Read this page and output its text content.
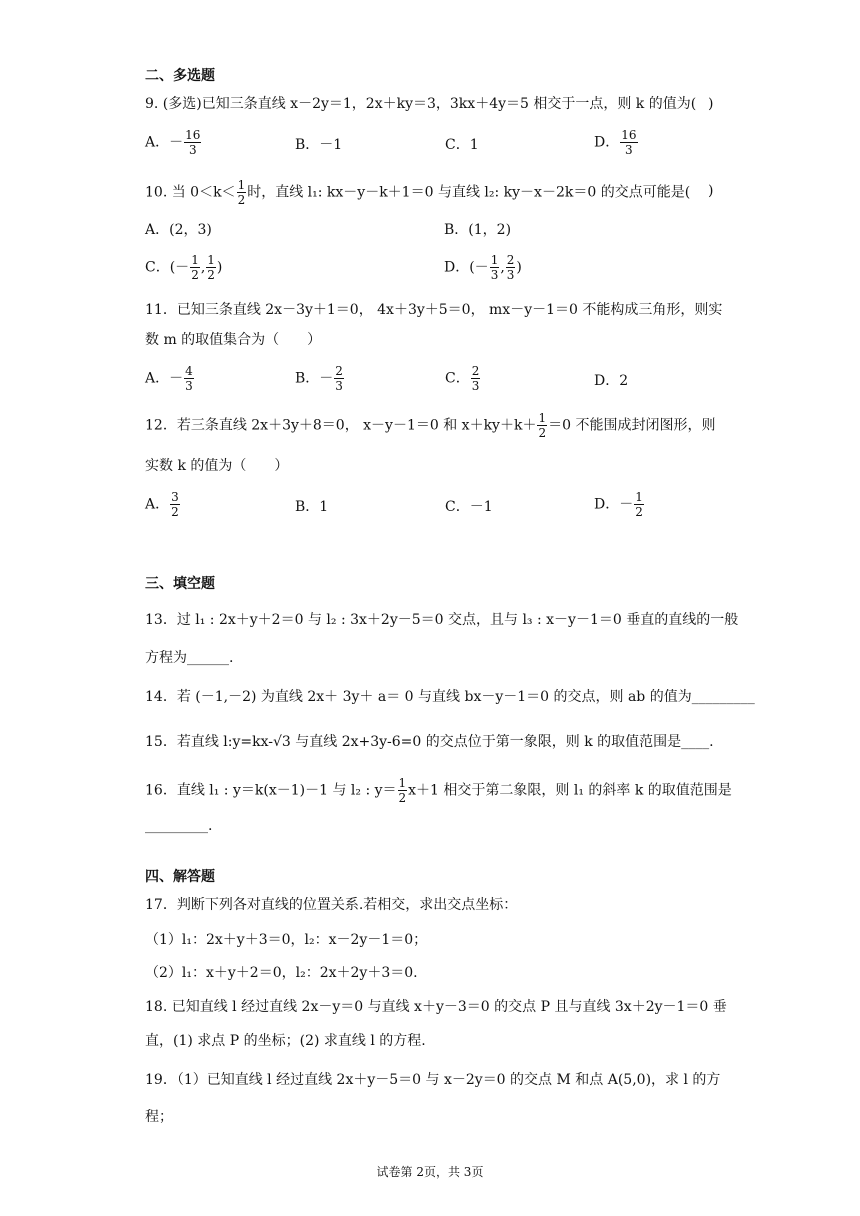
二、多选题
9. (多选)已知三条直线 x－2y＝1，2x＋ky＝3，3kx＋4y＝5 相交于一点，则 k 的值为( )
A．－ $\frac{16}{3}$	B．－1	C．1	D． $\frac{16}{3}$
10. 当 $0<k< \frac{1}{2}$ 时，直线 l₁: kx－y－k＋1＝0 与直线 l₂: ky－x－2k＝0 的交点可能是( )
A．(2，3)	B．(1，2)
C．(－ $\frac{1}{2}$ , $\frac{1}{2}$ )	D．(－ $\frac{1}{3}$ , $\frac{2}{3}$ )
11．已知三条直线 2x－3y＋1＝0， 4x＋3y＋5＝0， mx－y－1＝0 不能构成三角形，则实
数 m 的取值集合为（　　）
A．－ $\frac{4}{3}$	B．－ $\frac{2}{3}$	C． $\frac{2}{3}$	D．2
12．若三条直线 2x＋3y＋8＝0， x－y－1＝0 和 $x+ky+k+ \frac{1}{2} =0$ 不能围成封闭图形，则
实数 k 的值为（　　）
A． $\frac{3}{2}$	B．1	C．－1	D．－ $\frac{1}{2}$
三、填空题
13．过 l₁ : 2x＋y＋2＝0 与 l₂ : 3x＋2y－5＝0 交点，且与 l₃ : x－y－1＝0 垂直的直线的一般
方程为______.
14．若 (－1,－2) 为直线 2x＋ 3y＋ a＝ 0 与直线 bx－y－1＝0 的交点，则 ab 的值为_________
15．若直线 l:y=kx-√3 与直线 2x+3y-6=0 的交点位于第一象限，则 k 的取值范围是____.
16．直线 l₁ : y＝k(x－1)－1 与 l₂ : $y= \frac{1}{2} x+1$ 相交于第二象限，则 l₁ 的斜率 k 的取值范围是
_________.
四、解答题
17．判断下列各对直线的位置关系.若相交，求出交点坐标：
（1）l₁：2x＋y＋3＝0，l₂：x－2y－1＝0；
（2）l₁：x＋y＋2＝0，l₂：2x＋2y＋3＝0.
18. 已知直线 l 经过直线 2x－y＝0 与直线 x＋y－3＝0 的交点 P 且与直线 3x＋2y－1＝0 垂
直，(1) 求点 P 的坐标；(2) 求直线 l 的方程.
19．（1）已知直线 l 经过直线 2x＋y－5＝0 与 x－2y＝0 的交点 M 和点 A(5,0)，求 l 的方
程；
试卷第 2页，共 3页
